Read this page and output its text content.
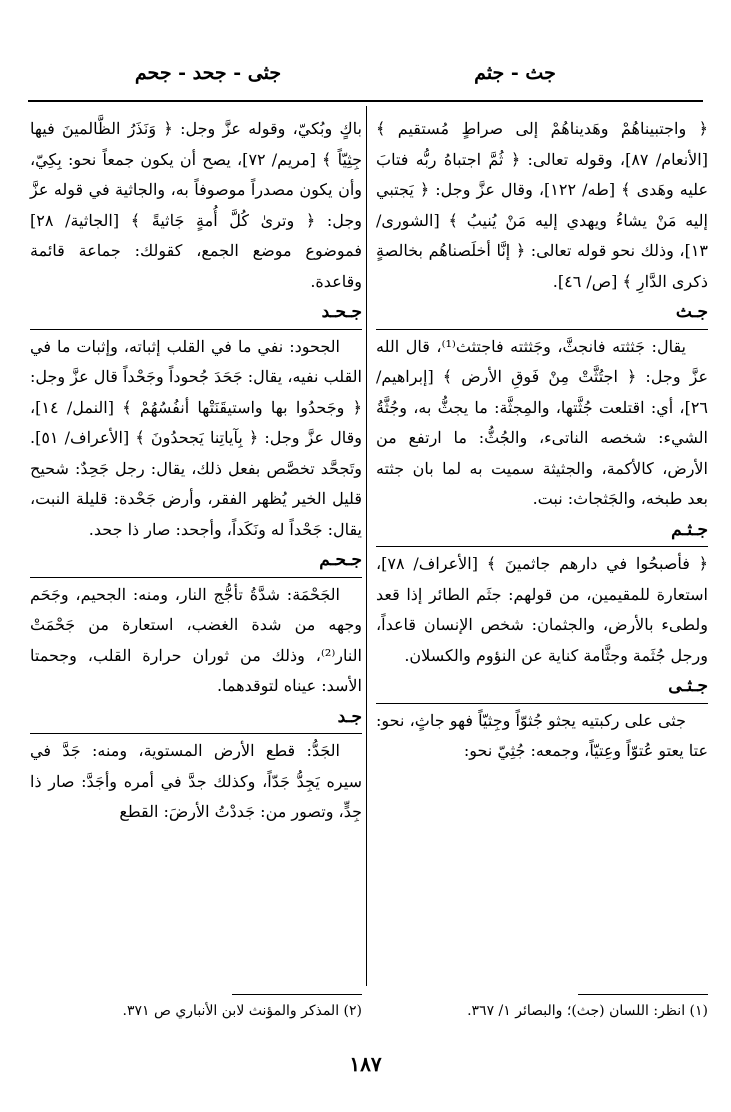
جث - جثم
جثى - جحد - جحم

﴿ واجتبيناهُمْ وهَديناهُمْ إلى صراطٍ مُستقيم ﴾ [الأنعام/ ٨٧]، وقوله تعالى: ﴿ ثُمَّ اجتباهُ ربُّه فتابَ عليه وهَدى ﴾ [طه/ ١٢٢]، وقال عزَّ وجل: ﴿ يَجتبي إليه مَنْ يشاءُ ويهدي إليه مَنْ يُنيبُ ﴾ [الشورى/ ١٣]، وذلك نحو قوله تعالى: ﴿ إنَّا أخلَصناهُم بخالصةٍ ذكرى الدَّارِ ﴾ [ص/ ٤٦].

جـث

يقال: جَثثته فانجثَّ، وجَثثته فاجتثث⁽¹⁾، قال الله عزَّ وجل: ﴿ اجتُثَّتْ مِنْ فَوقِ الأرض ﴾ [إبراهيم/ ٢٦]، أي: اقتلعت جُثَّتها، والمِجثَّة: ما يجثُّ به، وجُثَّةُ الشيء: شخصه الناتىء، والجُثُّ: ما ارتفع من الأرض، كالأكمة، والجثيثة سميت به لما بان جثته بعد طبخه، والجَثجاث: نبت.

جـثـم

﴿ فأصبحُوا في دارهم جاثمينَ ﴾ [الأعراف/ ٧٨]، استعارة للمقيمين، من قولهم: جثَم الطائر إذا قعد ولطىء بالأرض، والجثمان: شخص الإنسان قاعداً، ورجل جُثَمة وجثَّامة كناية عن النؤوم والكسلان.

جـثـى

جثى على ركبتيه يجثو جُثوّاً وجِثيّاً فهو جاثٍ، نحو: عتا يعتو عُتوّاً وعِتيّاً، وجمعه: جُثِيّ نحو:

باكٍ وبُكيّ، وقوله عزَّ وجل: ﴿ وَنَذَرُ الظَّالمينَ فيها جِثِيّاً ﴾ [مريم/ ٧٢]، يصح أن يكون جمعاً نحو: بِكِيّ، وأن يكون مصدراً موصوفاً به، والجاثية في قوله عزَّ وجل: ﴿ وترىٰ كُلَّ أُمةٍ جَاثيةً ﴾ [الجاثية/ ٢٨] فموضوع موضع الجمع، كقولك: جماعة قائمة وقاعدة.

جـحـد

الجحود: نفي ما في القلب إثباته، وإثبات ما في القلب نفيه، يقال: جَحَدَ جُحوداً وجَحْداً قال عزَّ وجل: ﴿ وجَحدُوا بها واستيقَنَتْها أنفُسُهُمْ ﴾ [النمل/ ١٤]، وقال عزَّ وجل: ﴿ بِآياتِنا يَجحدُونَ ﴾ [الأعراف/ ٥١]. وتَجحَّد تخصَّص بفعل ذلك، يقال: رجل جَحِدٌ: شحيح قليل الخير يُظهر الفقر، وأرض جَحْدة: قليلة النبت، يقال: جَحْداً له ونَكَداً، وأجحد: صار ذا جحد.

جـحـم

الجَحْمَة: شدَّةُ تأجُّج النار، ومنه: الجحيم، وجَحَم وجهه من شدة الغضب، استعارة من جَحْمَتْ النار⁽²⁾، وذلك من ثوران حرارة القلب، وجحمتا الأسد: عيناه لتوقدهما.

جـد

الجَدُّ: قطع الأرض المستوية، ومنه: جَدَّ في سيره يَجِدُّ جَدّاً، وكذلك جدَّ في أمره وأجَدَّ: صار ذا جِدٍّ، وتصور من: جَددْتُ الأرضَ: القطع

(١) انظر: اللسان (جث)؛ والبصائر ١/ ٣٦٧.
(٢) المذكر والمؤنث لابن الأنباري ص ٣٧١.
١٨٧
